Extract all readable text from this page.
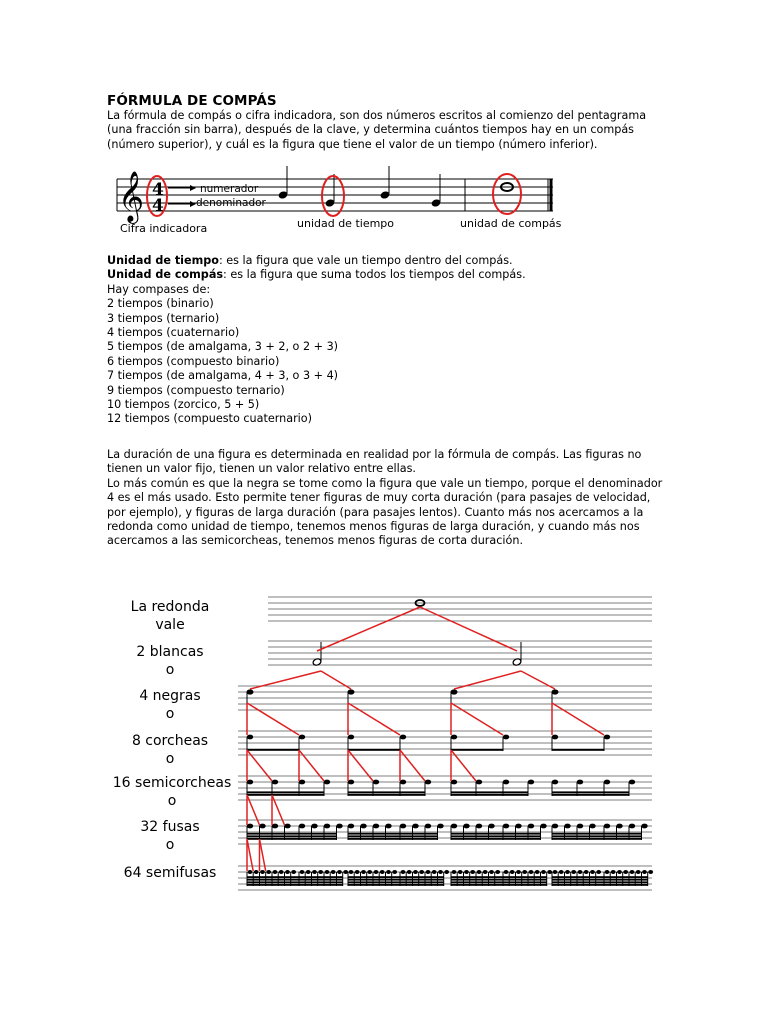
FÓRMULA DE COMPÁS
La fórmula de compás o cifra indicadora, son dos números escritos al comienzo del pentagrama
(una fracción sin barra), después de la clave, y determina cuántos tiempos hay en un compás
(número superior), y cuál es la figura que tiene el valor de un tiempo (número inferior).
𝄞 4
4
numerador
denominador
Cifra indicadora	unidad de tiempo	unidad de compás
Unidad de tiempo: es la figura que vale un tiempo dentro del compás.
Unidad de compás: es la figura que suma todos los tiempos del compás.
Hay compases de:
2 tiempos (binario)
3 tiempos (ternario)
4 tiempos (cuaternario)
5 tiempos (de amalgama, 3 + 2, o 2 + 3)
6 tiempos (compuesto binario)
7 tiempos (de amalgama, 4 + 3, o 3 + 4)
9 tiempos (compuesto ternario)
10 tiempos (zorcico, 5 + 5)
12 tiempos (compuesto cuaternario)
La duración de una figura es determinada en realidad por la fórmula de compás. Las figuras no
tienen un valor fijo, tienen un valor relativo entre ellas.
Lo más común es que la negra se tome como la figura que vale un tiempo, porque el denominador
4 es el más usado. Esto permite tener figuras de muy corta duración (para pasajes de velocidad,
por ejemplo), y figuras de larga duración (para pasajes lentos). Cuanto más nos acercamos a la
redonda como unidad de tiempo, tenemos menos figuras de larga duración, y cuando más nos
acercamos a las semicorcheas, tenemos menos figuras de corta duración.
La redonda
vale
2 blancas
o
4 negras
o
8 corcheas
o
16 semicorcheas
o
32 fusas
o
64 semifusas
